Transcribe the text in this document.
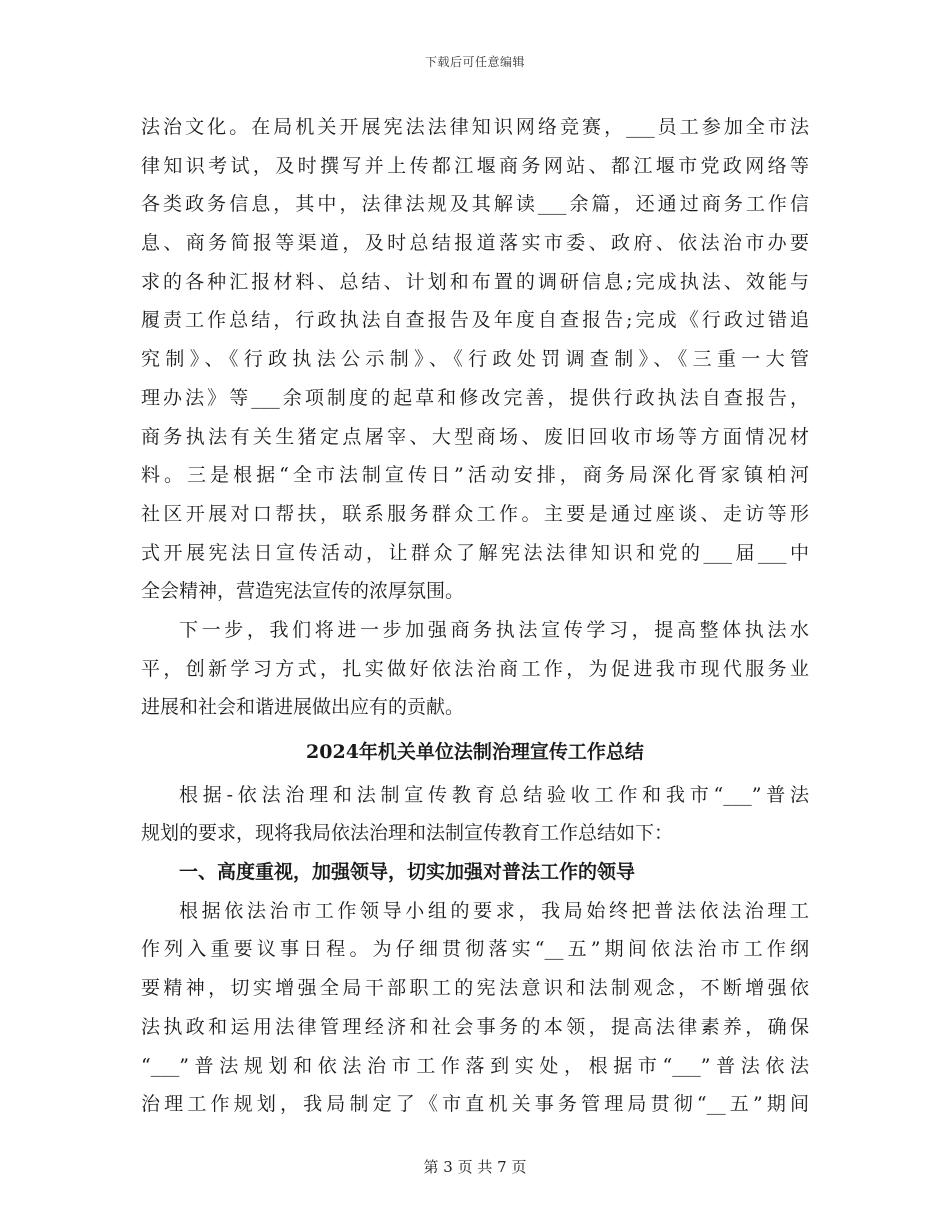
下载后可任意编辑
法治文化。在局机关开展宪法法律知识网络竞赛，___员工参加全市法
律知识考试，及时撰写并上传都江堰商务网站、都江堰市党政网络等
各类政务信息，其中，法律法规及其解读___余篇，还通过商务工作信
息、商务简报等渠道，及时总结报道落实市委、政府、依法治市办要
求的各种汇报材料、总结、计划和布置的调研信息;完成执法、效能与
履责工作总结，行政执法自查报告及年度自查报告;完成《行政过错追
究制》、《行政执法公示制》、《行政处罚调查制》、《三重一大管
理办法》等___余项制度的起草和修改完善，提供行政执法自查报告，
商务执法有关生猪定点屠宰、大型商场、废旧回收市场等方面情况材
料。三是根据“全市法制宣传日”活动安排，商务局深化胥家镇柏河
社区开展对口帮扶，联系服务群众工作。主要是通过座谈、走访等形
式开展宪法日宣传活动，让群众了解宪法法律知识和党的___届___中
全会精神，营造宪法宣传的浓厚氛围。
下一步，我们将进一步加强商务执法宣传学习，提高整体执法水
平，创新学习方式，扎实做好依法治商工作，为促进我市现代服务业
进展和社会和谐进展做出应有的贡献。
2024年机关单位法制治理宣传工作总结
根据-依法治理和法制宣传教育总结验收工作和我市“___”普法
规划的要求，现将我局依法治理和法制宣传教育工作总结如下：
一、高度重视，加强领导，切实加强对普法工作的领导
根据依法治市工作领导小组的要求，我局始终把普法依法治理工
作列入重要议事日程。为仔细贯彻落实“__五”期间依法治市工作纲
要精神，切实增强全局干部职工的宪法意识和法制观念，不断增强依
法执政和运用法律管理经济和社会事务的本领，提高法律素养，确保
“___”普法规划和依法治市工作落到实处，根据市“___”普法依法
治理工作规划，我局制定了《市直机关事务管理局贯彻“__五”期间
第 3 页 共 7 页
